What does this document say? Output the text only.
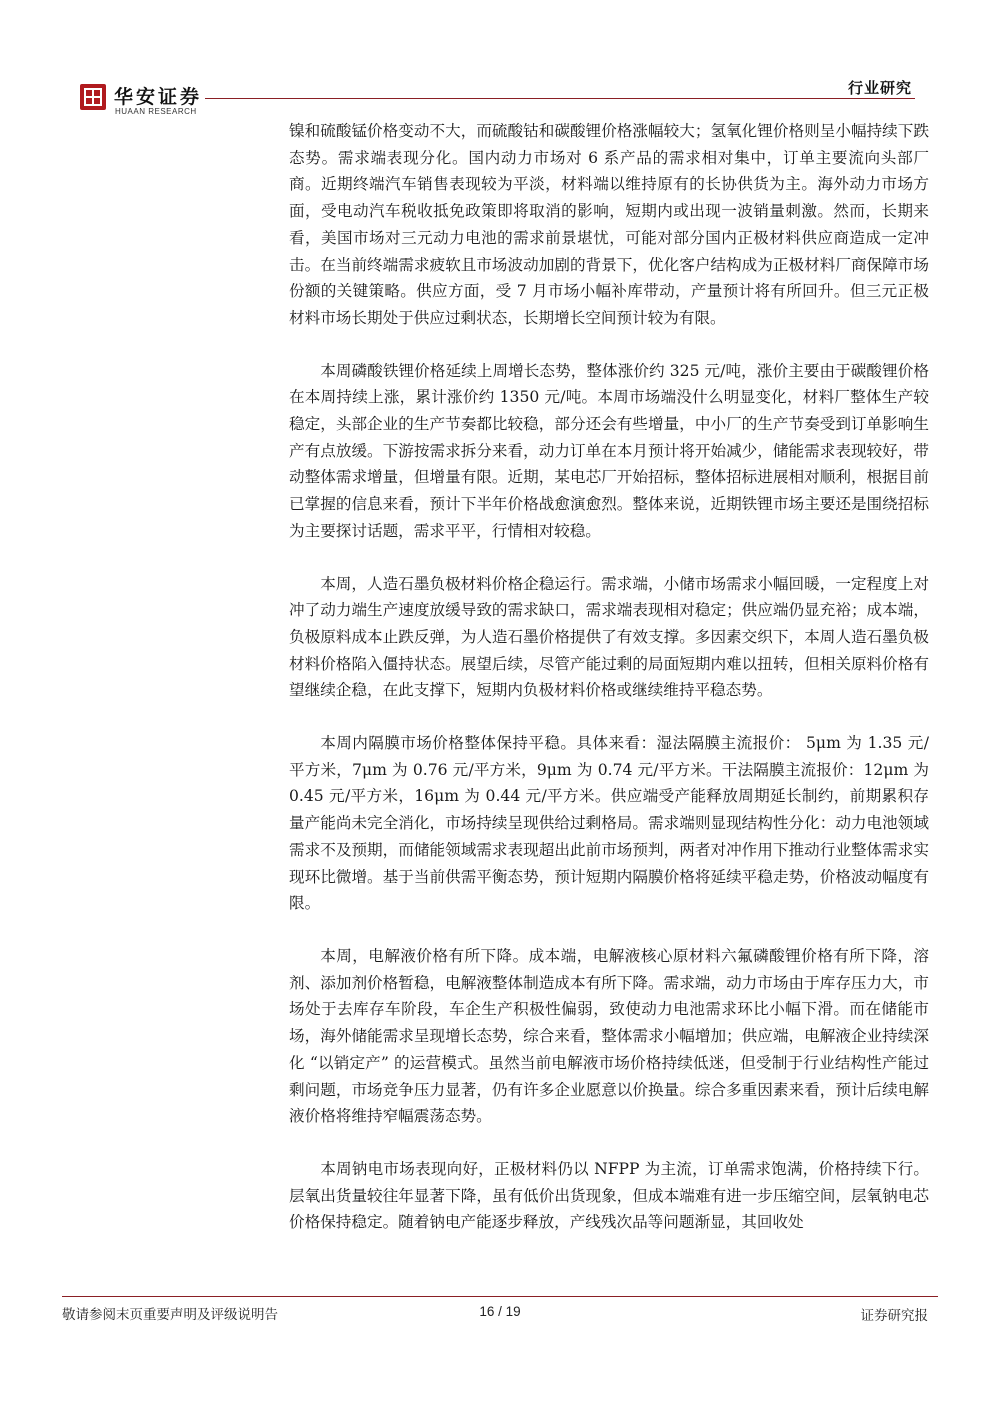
华安证券
HUAAN RESEARCH
行业研究

镍和硫酸锰价格变动不大，而硫酸钴和碳酸锂价格涨幅较大；氢氧化锂价格则呈小幅持续下跌态势。需求端表现分化。国内动力市场对 6 系产品的需求相对集中，订单主要流向头部厂商。近期终端汽车销售表现较为平淡，材料端以维持原有的长协供货为主。海外动力市场方面，受电动汽车税收抵免政策即将取消的影响，短期内或出现一波销量刺激。然而，长期来看，美国市场对三元动力电池的需求前景堪忧，可能对部分国内正极材料供应商造成一定冲击。在当前终端需求疲软且市场波动加剧的背景下，优化客户结构成为正极材料厂商保障市场份额的关键策略。供应方面，受 7 月市场小幅补库带动，产量预计将有所回升。但三元正极材料市场长期处于供应过剩状态，长期增长空间预计较为有限。

本周磷酸铁锂价格延续上周增长态势，整体涨价约 325 元/吨，涨价主要由于碳酸锂价格在本周持续上涨，累计涨价约 1350 元/吨。本周市场端没什么明显变化，材料厂整体生产较稳定，头部企业的生产节奏都比较稳，部分还会有些增量，中小厂的生产节奏受到订单影响生产有点放缓。下游按需求拆分来看，动力订单在本月预计将开始减少，储能需求表现较好，带动整体需求增量，但增量有限。近期，某电芯厂开始招标，整体招标进展相对顺利，根据目前已掌握的信息来看，预计下半年价格战愈演愈烈。整体来说，近期铁锂市场主要还是围绕招标为主要探讨话题，需求平平，行情相对较稳。

本周，人造石墨负极材料价格企稳运行。需求端，小储市场需求小幅回暖，一定程度上对冲了动力端生产速度放缓导致的需求缺口，需求端表现相对稳定；供应端仍显充裕；成本端，负极原料成本止跌反弹，为人造石墨价格提供了有效支撑。多因素交织下，本周人造石墨负极材料价格陷入僵持状态。展望后续，尽管产能过剩的局面短期内难以扭转，但相关原料价格有望继续企稳，在此支撑下，短期内负极材料价格或继续维持平稳态势。

本周内隔膜市场价格整体保持平稳。具体来看：湿法隔膜主流报价： 5μm 为 1.35 元/平方米，7μm 为 0.76 元/平方米，9μm 为 0.74 元/平方米。干法隔膜主流报价：12μm 为 0.45 元/平方米，16μm 为 0.44 元/平方米。供应端受产能释放周期延长制约，前期累积存量产能尚未完全消化，市场持续呈现供给过剩格局。需求端则显现结构性分化：动力电池领域需求不及预期，而储能领域需求表现超出此前市场预判，两者对冲作用下推动行业整体需求实现环比微增。基于当前供需平衡态势，预计短期内隔膜价格将延续平稳走势，价格波动幅度有限。

本周，电解液价格有所下降。成本端，电解液核心原材料六氟磷酸锂价格有所下降，溶剂、添加剂价格暂稳，电解液整体制造成本有所下降。需求端，动力市场由于库存压力大，市场处于去库存车阶段，车企生产积极性偏弱，致使动力电池需求环比小幅下滑。而在储能市场，海外储能需求呈现增长态势，综合来看，整体需求小幅增加；供应端，电解液企业持续深化 “以销定产” 的运营模式。虽然当前电解液市场价格持续低迷，但受制于行业结构性产能过剩问题，市场竞争压力显著，仍有许多企业愿意以价换量。综合多重因素来看，预计后续电解液价格将维持窄幅震荡态势。

本周钠电市场表现向好，正极材料仍以 NFPP 为主流，订单需求饱满，价格持续下行。层氧出货量较往年显著下降，虽有低价出货现象，但成本端难有进一步压缩空间，层氧钠电芯价格保持稳定。随着钠电产能逐步释放，产线残次品等问题渐显，其回收处

敬请参阅末页重要声明及评级说明告	16 / 19	证券研究报
